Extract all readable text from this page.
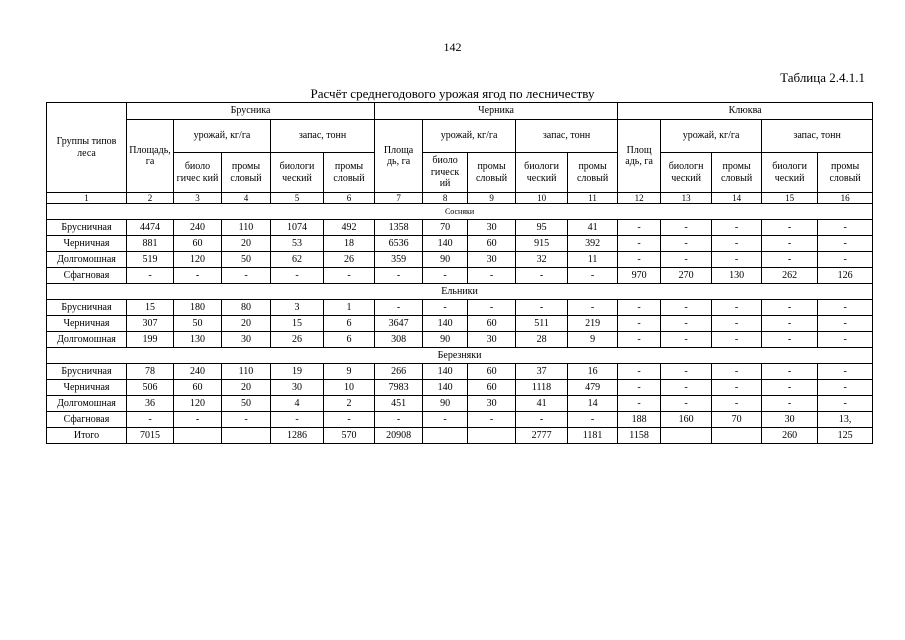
142
Таблица 2.4.1.1
Расчёт среднегодового урожая ягод по лесничеству
Группы типов леса	Брусника					Черника					Клюква				
	Площадь, га	урожай, кг/га		запас, тонн		Площа дь, га	урожай, кг/га		запас, тонн		Площ адь, га	урожай, кг/га		запас, тонн	
		биоло гичес кий	промы словый	биологи ческий	промы словый		биоло гическ ий	промы словый	биологи ческий	промы словый		биологн ческий	промы словый	биологи ческий	промы словый
1	2	3	4	5	6	7	8	9	10	11	12	13	14	15	16
Сосняки															
Брусничная	4474	240	110	1074	492	1358	70	30	95	41	-	-	-	-	-
Черничная	881	60	20	53	18	6536	140	60	915	392	-	-	-	-	-
Долгомошная	519	120	50	62	26	359	90	30	32	11	-	-	-	-	-
Сфагновая	-	-	-	-	-	-	-	-	-	-	970	270	130	262	126
Ельники															
Брусничная	15	180	80	3	1	-	-	-	-	-	-	-	-	-	-
Черничная	307	50	20	15	6	3647	140	60	511	219	-	-	-	-	-
Долгомошная	199	130	30	26	6	308	90	30	28	9	-	-	-	-	-
Березняки															
Брусничная	78	240	110	19	9	266	140	60	37	16	-	-	-	-	-
Черничная	506	60	20	30	10	7983	140	60	1118	479	-	-	-	-	-
Долгомошная	36	120	50	4	2	451	90	30	41	14	-	-	-	-	-
Сфагновая	-	-	-	-	-	-	-	-	-	-	188	160	70	30	13,
Итого	7015			1286	570	20908			2777	1181	1158			260	125
